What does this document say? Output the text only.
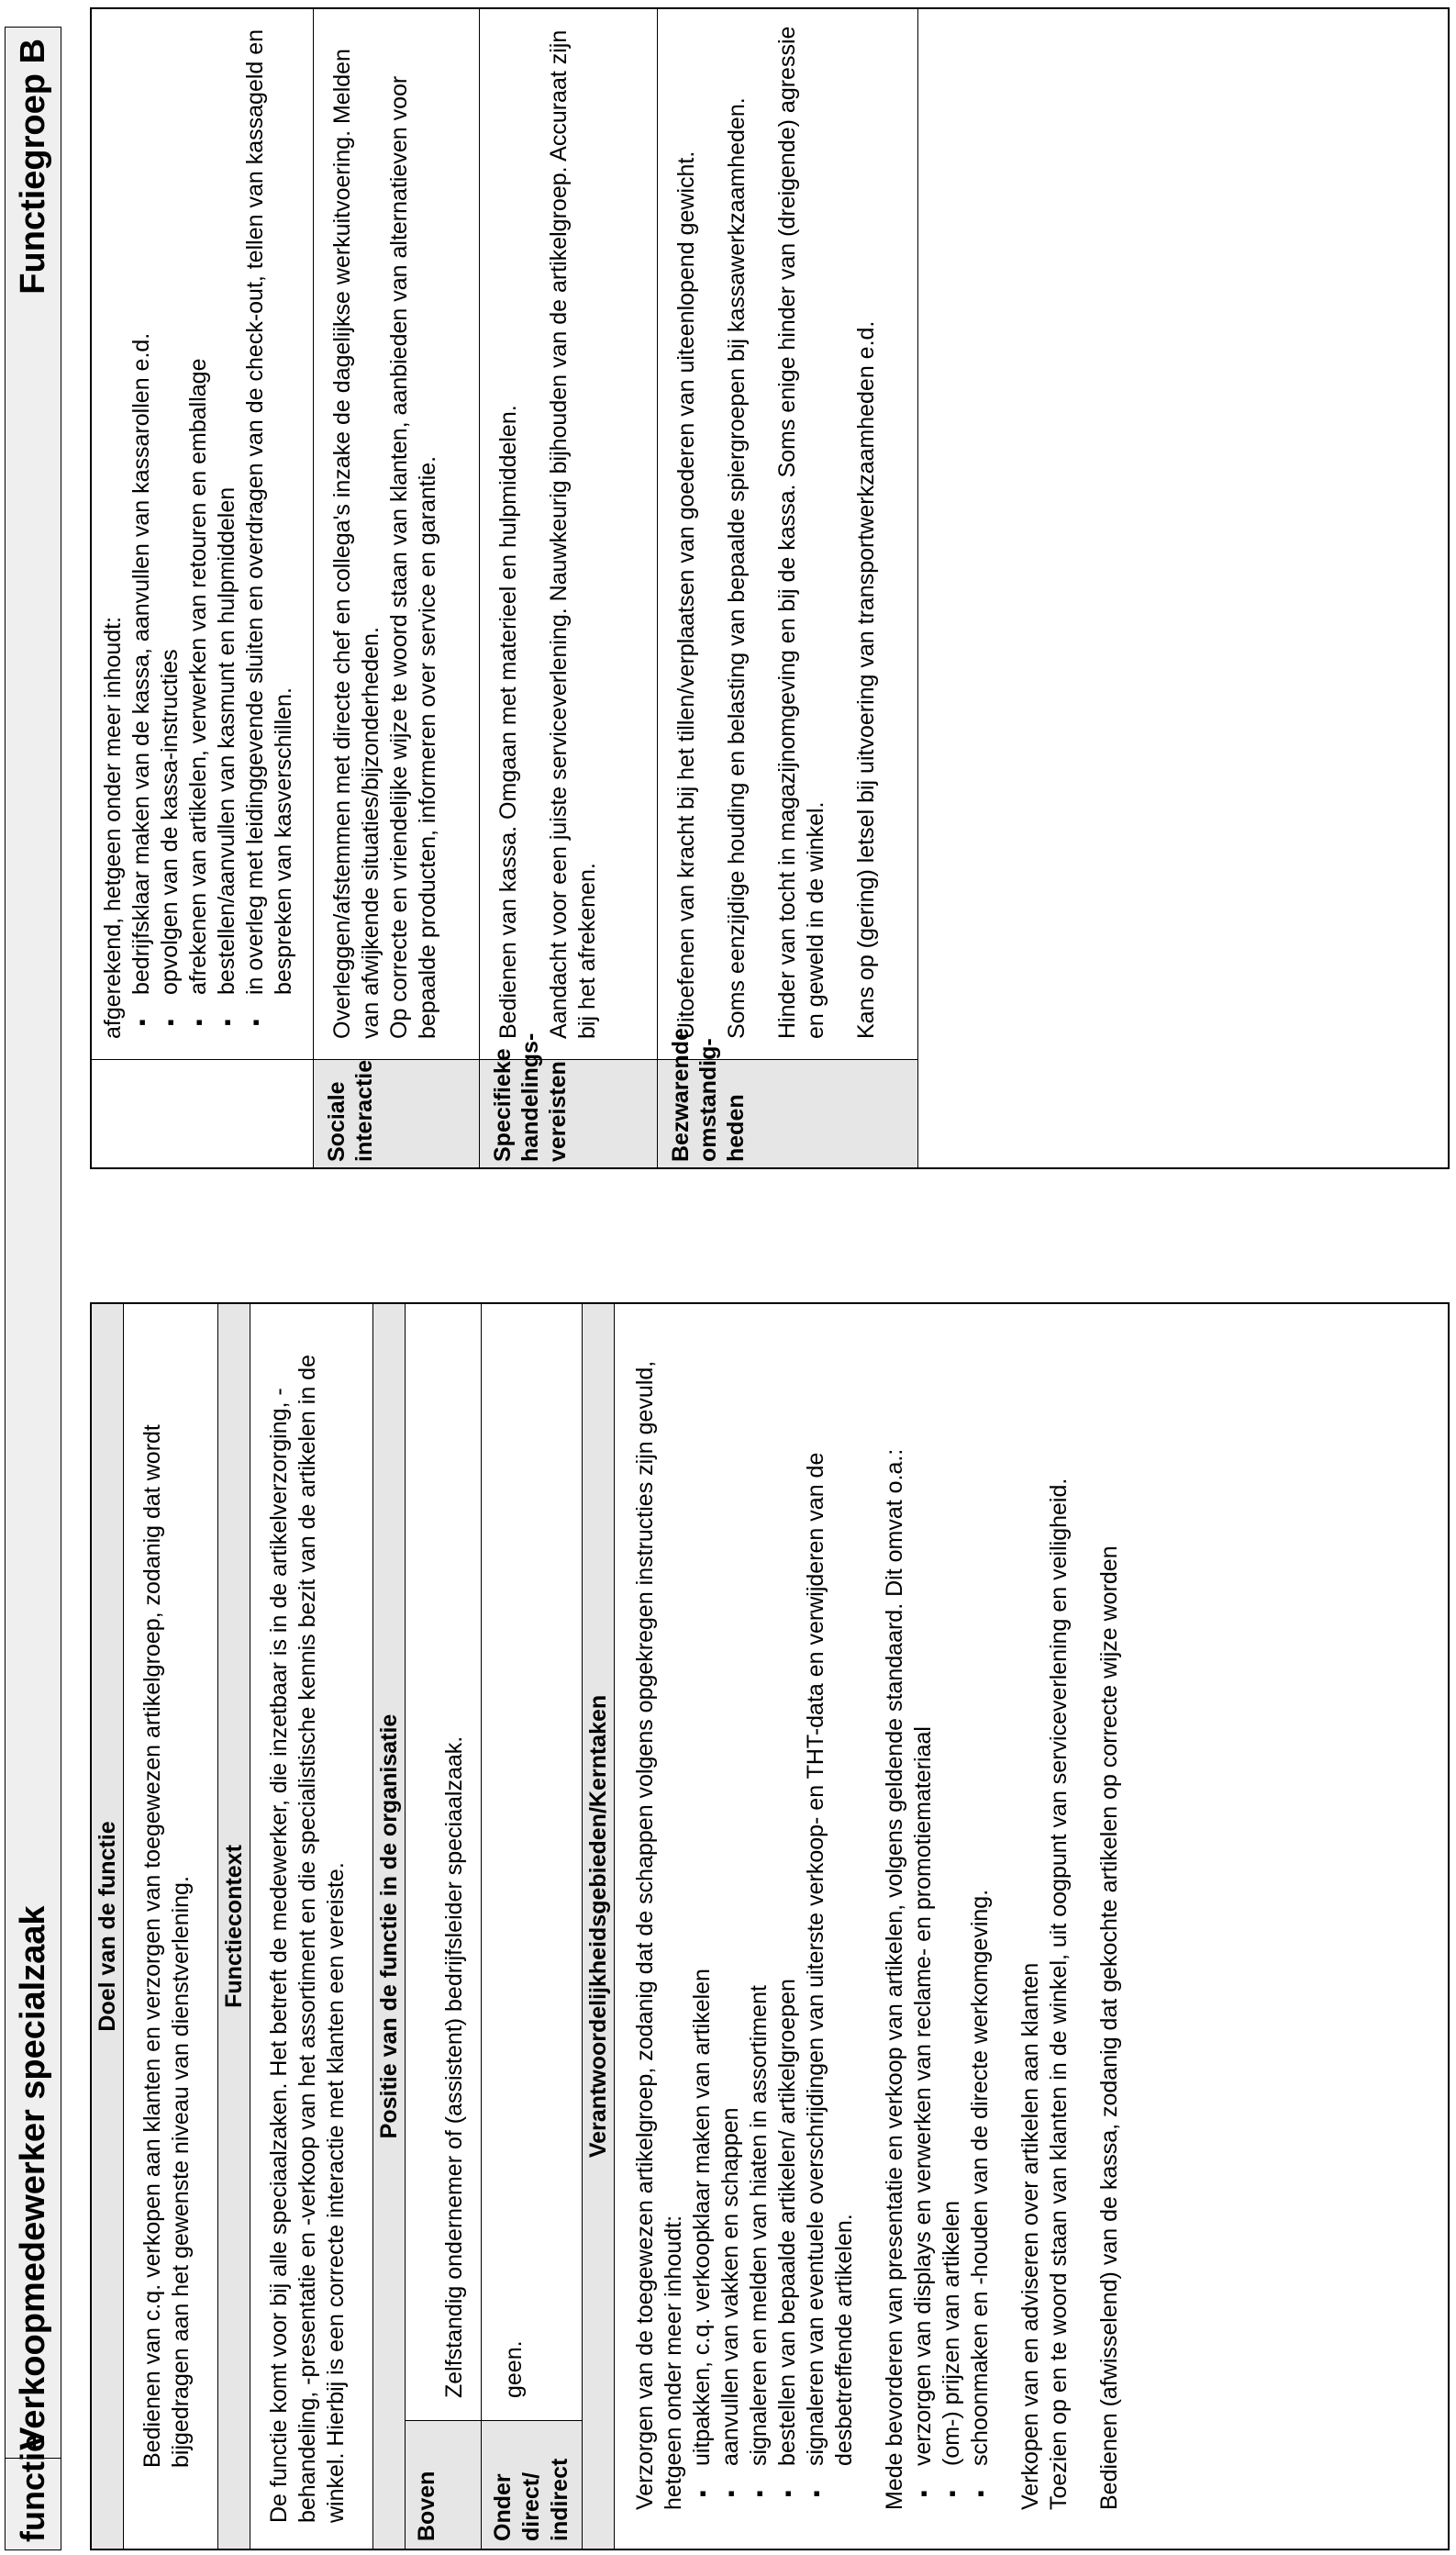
functie
Verkoopmedewerker specialzaak
Functiegroep B
Doel van de functie Bedienen van c.q. verkopen aan klanten en verzorgen van toegewezen artikelgroep, zodanig dat wordt bijgedragen aan het gewenste niveau van dienstverlening.	Functiecontext De functie komt voor bij alle speciaalzaken. Het betreft de medewerker, die inzetbaar is in de artikelverzorging, -behandeling, -presentatie en -verkoop van het assortiment en die specialistische kennis bezit van de artikelen in de winkel. Hierbij is een correcte interactie met klanten een vereiste.	Positie van de functie in de organisatie
Boven
Zelfstandig ondernemer of (assistent) bedrijfsleider speciaalzaak.
Onder direct/ indirect
geen.
Verantwoordelijkheidsgebieden/Kerntaken Verzorgen van de toegewezen artikelgroep, zodanig dat de schappen volgens opgekregen instructies zijn gevuld, hetgeen onder meer inhoudt: ▪ uitpakken, c.q. verkoopklaar maken van artikelen ▪ aanvullen van vakken en schappen ▪ signaleren en melden van hiaten in assortiment ▪ bestellen van bepaalde artikelen/ artikelgroepen ▪ signaleren van eventuele overschrijdingen van uiterste verkoop- en THT-data en verwijderen van de desbetreffende artikelen. Mede bevorderen van presentatie en verkoop van artikelen, volgens geldende standaard. Dit omvat o.a.: ▪ verzorgen van displays en verwerken van reclame- en promotiemateriaal ▪ (om-) prijzen van artikelen ▪ schoonmaken en -houden van de directe werkomgeving. Verkopen van en adviseren over artikelen aan klanten Toezien op en te woord staan van klanten in de winkel, uit oogpunt van serviceverlening en veiligheid. Bedienen (afwisselend) van de kassa, zodanig dat gekochte artikelen op correcte wijze worden

afgerekend, hetgeen onder meer inhoudt: ▪ bedrijfsklaar maken van de kassa, aanvullen van kassarollen e.d. ▪ opvolgen van de kassa-instructies ▪ afrekenen van artikelen, verwerken van retouren en emballage ▪ bestellen/aanvullen van kasmunt en hulpmiddelen ▪ in overleg met leidinggevende sluiten en overdragen van de check-out, tellen van kassageld en bespreken van kasverschillen.
Sociale interactie

Overleggen/afstemmen met directe chef en collega's inzake de dagelijkse werkuitvoering. Melden van afwijkende situaties/bijzonderheden. Op correcte en vriendelijke wijze te woord staan van klanten, aanbieden van alternatieven voor bepaalde producten, informeren over service en garantie.

Specifieke handelings-vereisten

Bedienen van kassa. Omgaan met materieel en hulpmiddelen. Aandacht voor een juiste serviceverlening. Nauwkeurig bijhouden van de artikelgroep. Accuraat zijn bij het afrekenen.

Bezwarende omstandig-heden

Uitoefenen van kracht bij het tillen/verplaatsen van goederen van uiteenlopend gewicht. Soms eenzijdige houding en belasting van bepaalde spiergroepen bij kassawerkzaamheden. Hinder van tocht in magazijnomgeving en bij de kassa. Soms enige hinder van (dreigende) agressie en geweld in de winkel. Kans op (gering) letsel bij uitvoering van transportwerkzaamheden e.d.
